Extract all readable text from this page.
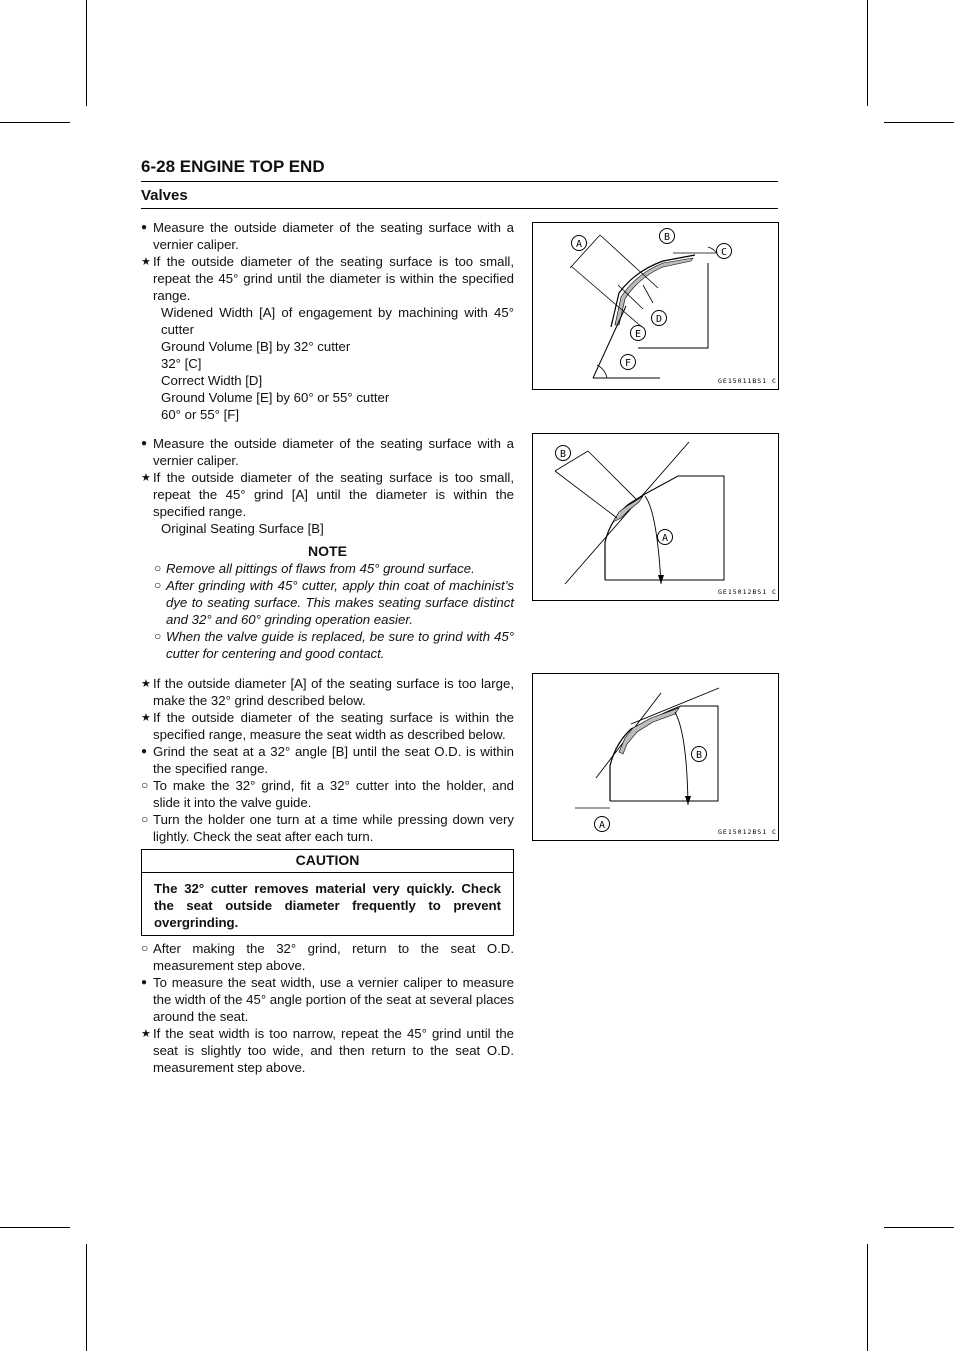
6-28 ENGINE TOP END
Valves
● Measure the outside diameter of the seating surface with a vernier caliper.
★ If the outside diameter of the seating surface is too small, repeat the 45° grind until the diameter is within the specified range.
Widened Width [A] of engagement by machining with 45° cutter
Ground Volume [B] by 32° cutter
32° [C]
Correct Width [D]
Ground Volume [E] by 60° or 55° cutter
60° or 55° [F]
● Measure the outside diameter of the seating surface with a vernier caliper.
★ If the outside diameter of the seating surface is too small, repeat the 45° grind [A] until the diameter is within the specified range.
Original Seating Surface [B]
NOTE
○ Remove all pittings of flaws from 45° ground surface.
○ After grinding with 45° cutter, apply thin coat of machinist’s dye to seating surface. This makes seating surface distinct and 32° and 60° grinding operation easier.
○ When the valve guide is replaced, be sure to grind with 45° cutter for centering and good contact.
★ If the outside diameter [A] of the seating surface is too large, make the 32° grind described below.
★ If the outside diameter of the seating surface is within the specified range, measure the seat width as described below.
● Grind the seat at a 32° angle [B] until the seat O.D. is within the specified range.
○ To make the 32° grind, fit a 32° cutter into the holder, and slide it into the valve guide.
○ Turn the holder one turn at a time while pressing down very lightly. Check the seat after each turn.
CAUTION
The 32° cutter removes material very quickly. Check the seat outside diameter frequently to prevent overgrinding.
○ After making the 32° grind, return to the seat O.D. measurement step above.
● To measure the seat width, use a vernier caliper to measure the width of the 45° angle portion of the seat at several places around the seat.
★ If the seat width is too narrow, repeat the 45° grind until the seat is slightly too wide, and then return to the seat O.D. measurement step above.
A
B
C
D
E
F
GE15011BS1 C
B
A
GE15012BS1 C
B
A
GE15012BS1 C
